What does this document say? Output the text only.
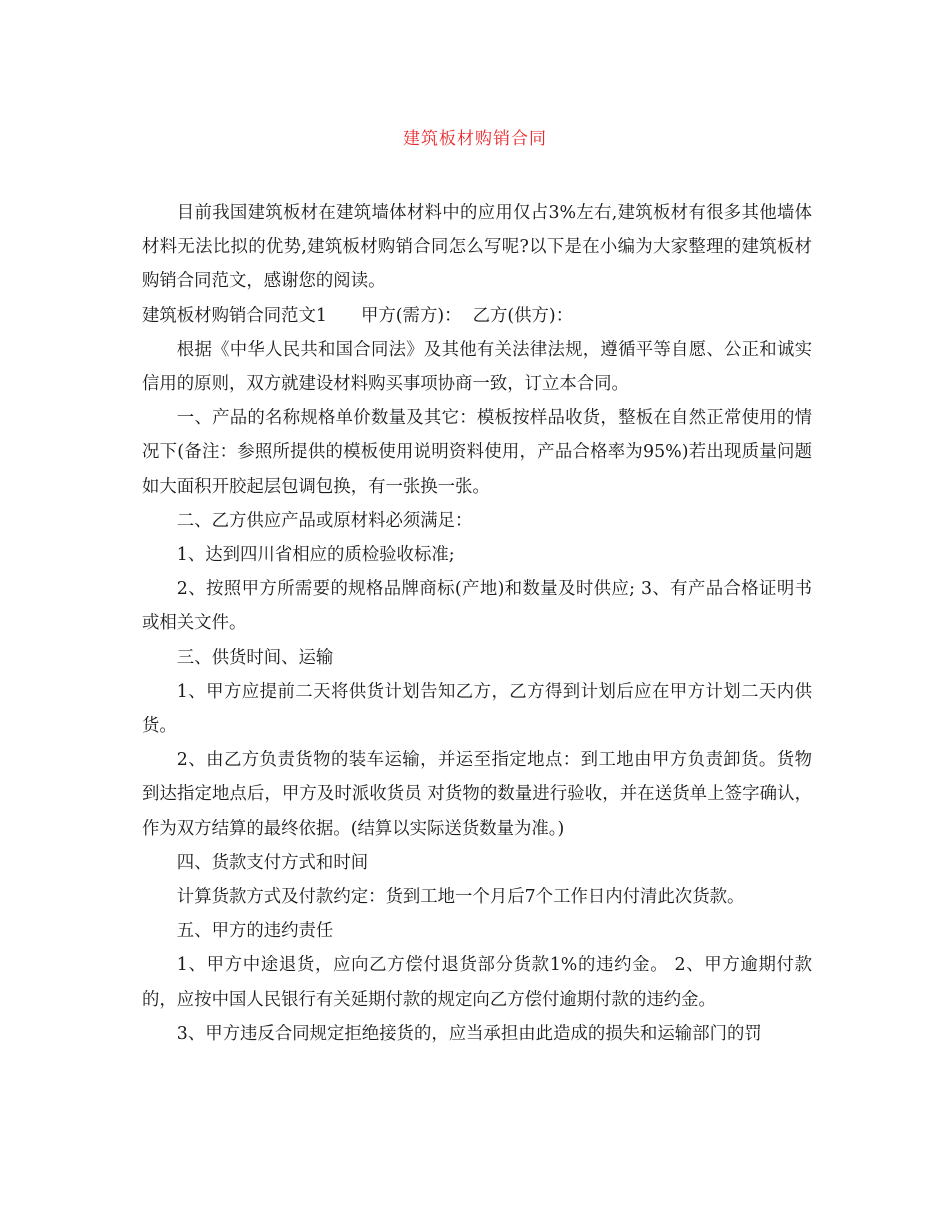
建筑板材购销合同

目前我国建筑板材在建筑墙体材料中的应用仅占3%左右,建筑板材有很多其他墙体材料无法比拟的优势,建筑板材购销合同怎么写呢?以下是在小编为大家整理的建筑板材购销合同范文，感谢您的阅读。

建筑板材购销合同范文1 甲方(需方)： 乙方(供方)：

根据《中华人民共和国合同法》及其他有关法律法规，遵循平等自愿、公正和诚实信用的原则，双方就建设材料购买事项协商一致，订立本合同。

一、产品的名称规格单价数量及其它：模板按样品收货，整板在自然正常使用的情况下(备注：参照所提供的模板使用说明资料使用，产品合格率为95%)若出现质量问题如大面积开胶起层包调包换，有一张换一张。

二、乙方供应产品或原材料必须满足：

1、达到四川省相应的质检验收标准;

2、按照甲方所需要的规格品牌商标(产地)和数量及时供应; 3、有产品合格证明书或相关文件。

三、供货时间、运输

1、甲方应提前二天将供货计划告知乙方，乙方得到计划后应在甲方计划二天内供货。

2、由乙方负责货物的装车运输，并运至指定地点：到工地由甲方负责卸货。货物到达指定地点后，甲方及时派收货员 对货物的数量进行验收，并在送货单上签字确认，作为双方结算的最终依据。(结算以实际送货数量为准。)

四、货款支付方式和时间

计算货款方式及付款约定：货到工地一个月后7个工作日内付清此次货款。

五、甲方的违约责任

1、甲方中途退货，应向乙方偿付退货部分货款1%的违约金。 2、甲方逾期付款的，应按中国人民银行有关延期付款的规定向乙方偿付逾期付款的违约金。

3、甲方违反合同规定拒绝接货的，应当承担由此造成的损失和运输部门的罚
